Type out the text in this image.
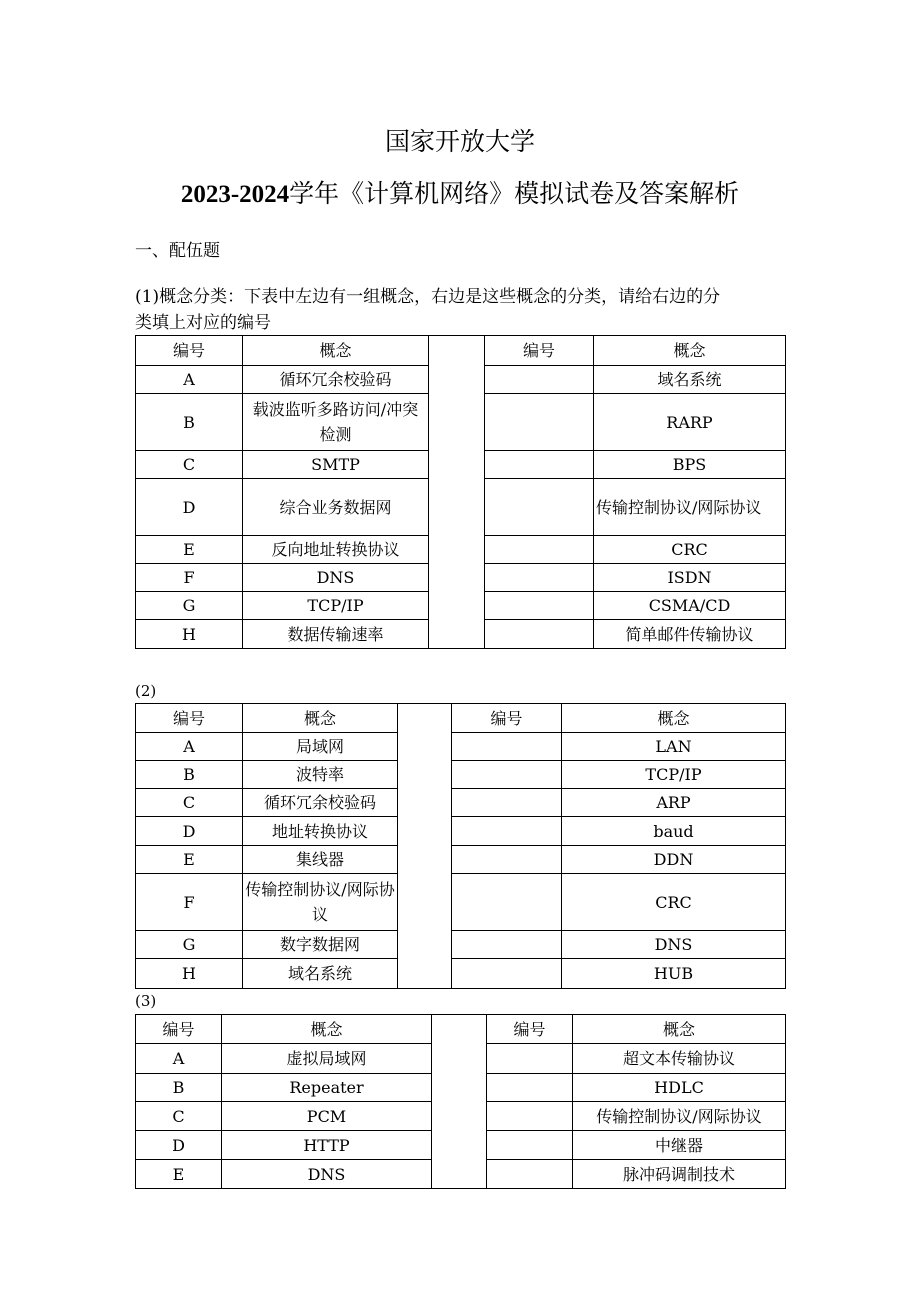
国家开放大学
2023-2024学年《计算机网络》模拟试卷及答案解析
一、配伍题
(1)概念分类：下表中左边有一组概念，右边是这些概念的分类，请给右边的分
类填上对应的编号
编号	概念		编号	概念
A	循环冗余校验码			域名系统
B	载波监听多路访问/冲突检测			RARP
C	SMTP			BPS
D	综合业务数据网			传输控制协议/网际协议
E	反向地址转换协议			CRC
F	DNS			ISDN
G	TCP/IP			CSMA/CD
H	数据传输速率			简单邮件传输协议
(2)
编号	概念		编号	概念
A	局域网			LAN
B	波特率			TCP/IP
C	循环冗余校验码			ARP
D	地址转换协议			baud
E	集线器			DDN
F	传输控制协议/网际协议			CRC
G	数字数据网			DNS
H	域名系统			HUB
(3)
编号	概念		编号	概念
A	虚拟局域网			超文本传输协议
B	Repeater			HDLC
C	PCM			传输控制协议/网际协议
D	HTTP			中继器
E	DNS			脉冲码调制技术
